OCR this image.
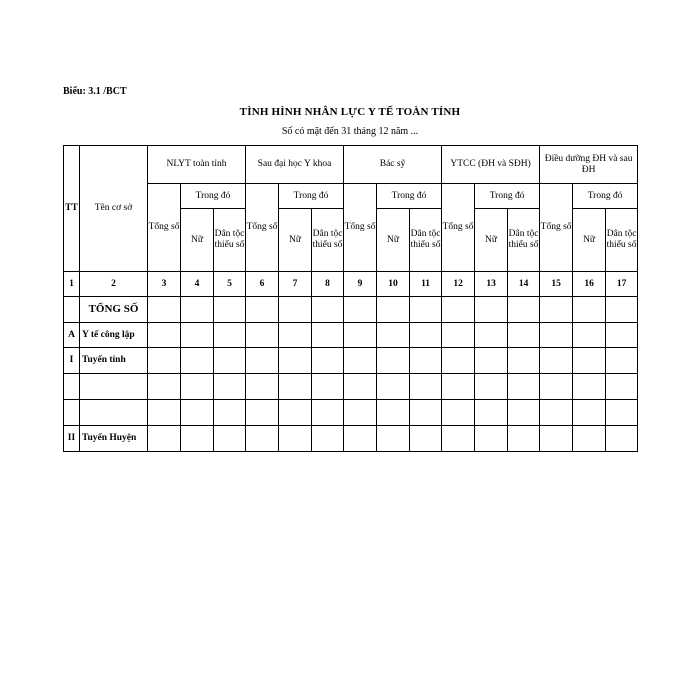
Biểu: 3.1 /BCT
TÌNH HÌNH NHÂN LỰC Y TẾ TOÀN TỈNH
Số có mặt đến 31 tháng 12 năm ...
TT	Tên cơ sở	NLYT toàn tỉnh			Sau đại học Y khoa			Bác sỹ			YTCC (ĐH và SĐH)			Điều dưỡng ĐH và sau ĐH		
		Tổng số	Trong đó		Tổng số	Trong đó		Tổng số	Trong đó		Tổng số	Trong đó		Tổng số	Trong đó	
			Nữ	Dân tộc thiểu số		Nữ	Dân tộc thiểu số		Nữ	Dân tộc thiểu số		Nữ	Dân tộc thiểu số		Nữ	Dân tộc thiểu số
1	2	3	4	5	6	7	8	9	10	11	12	13	14	15	16	17
	TỔNG SỐ															
A	Y tế công lập															
I	Tuyến tỉnh															

II	Tuyến Huyện															
